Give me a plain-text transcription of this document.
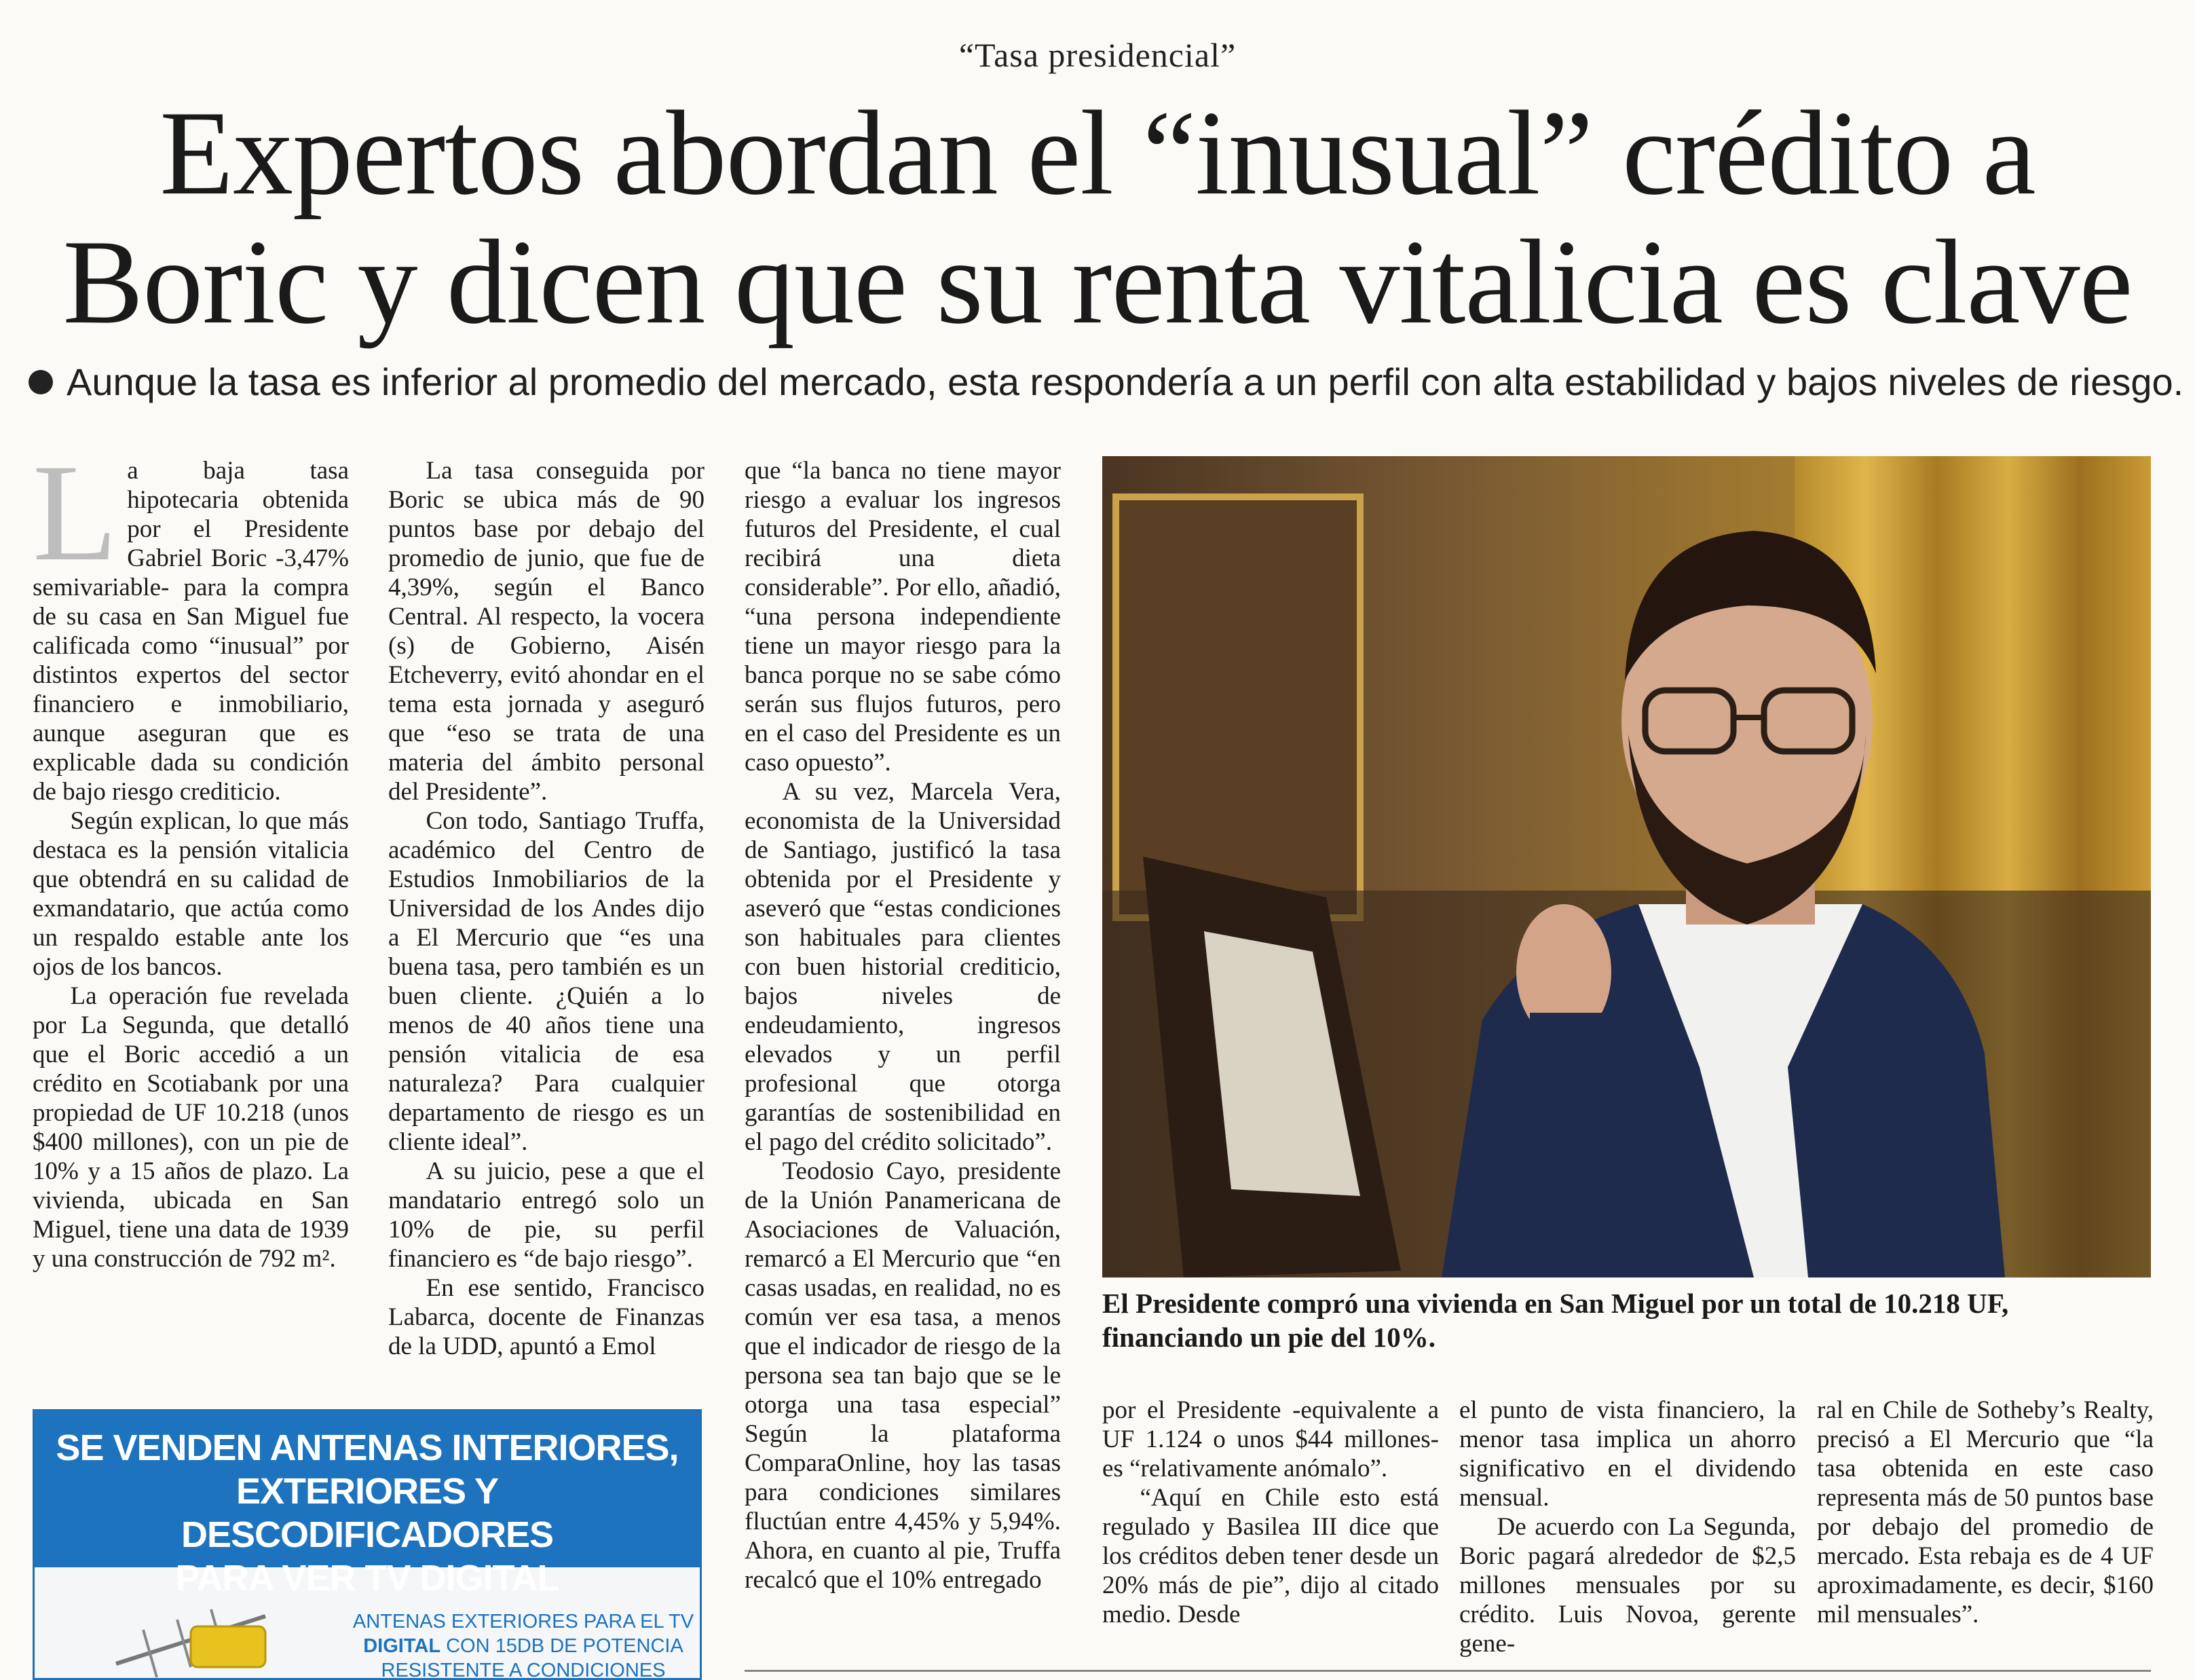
“Tasa presidencial”
Expertos abordan el “inusual” crédito a
Boric y dicen que su renta vitalicia es clave
Aunque la tasa es inferior al promedio del mercado, esta respondería a un perfil con alta estabilidad y bajos niveles de riesgo.

La baja tasa hipotecaria obtenida por el Presidente Gabriel Boric -3,47% semivariable- para la compra de su casa en San Miguel fue calificada como “inusual” por distintos expertos del sector financiero e inmobiliario, aunque aseguran que es explicable dada su condición de bajo riesgo crediticio.

Según explican, lo que más destaca es la pensión vitalicia que obtendrá en su calidad de exmandatario, que actúa como un respaldo estable ante los ojos de los bancos.

La operación fue revelada por La Segunda, que detalló que el Boric accedió a un crédito en Scotiabank por una propiedad de UF 10.218 (unos $400 millones), con un pie de 10% y a 15 años de plazo. La vivienda, ubicada en San Miguel, tiene una data de 1939 y una construcción de 792 m².

La tasa conseguida por Boric se ubica más de 90 puntos base por debajo del promedio de junio, que fue de 4,39%, según el Banco Central. Al respecto, la vocera (s) de Gobierno, Aisén Etcheverry, evitó ahondar en el tema esta jornada y aseguró que “eso se trata de una materia del ámbito personal del Presidente”.

Con todo, Santiago Truffa, académico del Centro de Estudios Inmobiliarios de la Universidad de los Andes dijo a El Mercurio que “es una buena tasa, pero también es un buen cliente. ¿Quién a lo menos de 40 años tiene una pensión vitalicia de esa naturaleza? Para cualquier departamento de riesgo es un cliente ideal”.

A su juicio, pese a que el mandatario entregó solo un 10% de pie, su perfil financiero es “de bajo riesgo”.

En ese sentido, Francisco Labarca, docente de Finanzas de la UDD, apuntó a Emol

que “la banca no tiene mayor riesgo a evaluar los ingresos futuros del Presidente, el cual recibirá una dieta considerable”. Por ello, añadió, “una persona independiente tiene un mayor riesgo para la banca porque no se sabe cómo serán sus flujos futuros, pero en el caso del Presidente es un caso opuesto”.

A su vez, Marcela Vera, economista de la Universidad de Santiago, justificó la tasa obtenida por el Presidente y aseveró que “estas condiciones son habituales para clientes con buen historial crediticio, bajos niveles de endeudamiento, ingresos elevados y un perfil profesional que otorga garantías de sostenibilidad en el pago del crédito solicitado”.

Teodosio Cayo, presidente de la Unión Panamericana de Asociaciones de Valuación, remarcó a El Mercurio que “en casas usadas, en realidad, no es común ver esa tasa, a menos que el indicador de riesgo de la persona sea tan bajo que se le otorga una tasa especial” Según la plataforma ComparaOnline, hoy las tasas para condiciones similares fluctúan entre 4,45% y 5,94%. Ahora, en cuanto al pie, Truffa recalcó que el 10% entregado

El Presidente compró una vivienda en San Miguel por un total de 10.218 UF, financiando un pie del 10%.

por el Presidente -equivalente a UF 1.124 o unos $44 millones- es “relativamente anómalo”.

“Aquí en Chile esto está regulado y Basilea III dice que los créditos deben tener desde un 20% más de pie”, dijo al citado medio. Desde

el punto de vista financiero, la menor tasa implica un ahorro significativo en el dividendo mensual.

De acuerdo con La Segunda, Boric pagará alrededor de $2,5 millones mensuales por su crédito. Luis Novoa, gerente gene-

ral en Chile de Sotheby’s Realty, precisó a El Mercurio que “la tasa obtenida en este caso representa más de 50 puntos base por debajo del promedio de mercado. Esta rebaja es de 4 UF aproximadamente, es decir, $160 mil mensuales”.

SE VENDEN ANTENAS INTERIORES,
EXTERIORES Y DESCODIFICADORES
PARA VER TV DIGITAL
ANTENAS EXTERIORES PARA EL TV
DIGITAL CON 15DB DE POTENCIA
RESISTENTE A CONDICIONES
